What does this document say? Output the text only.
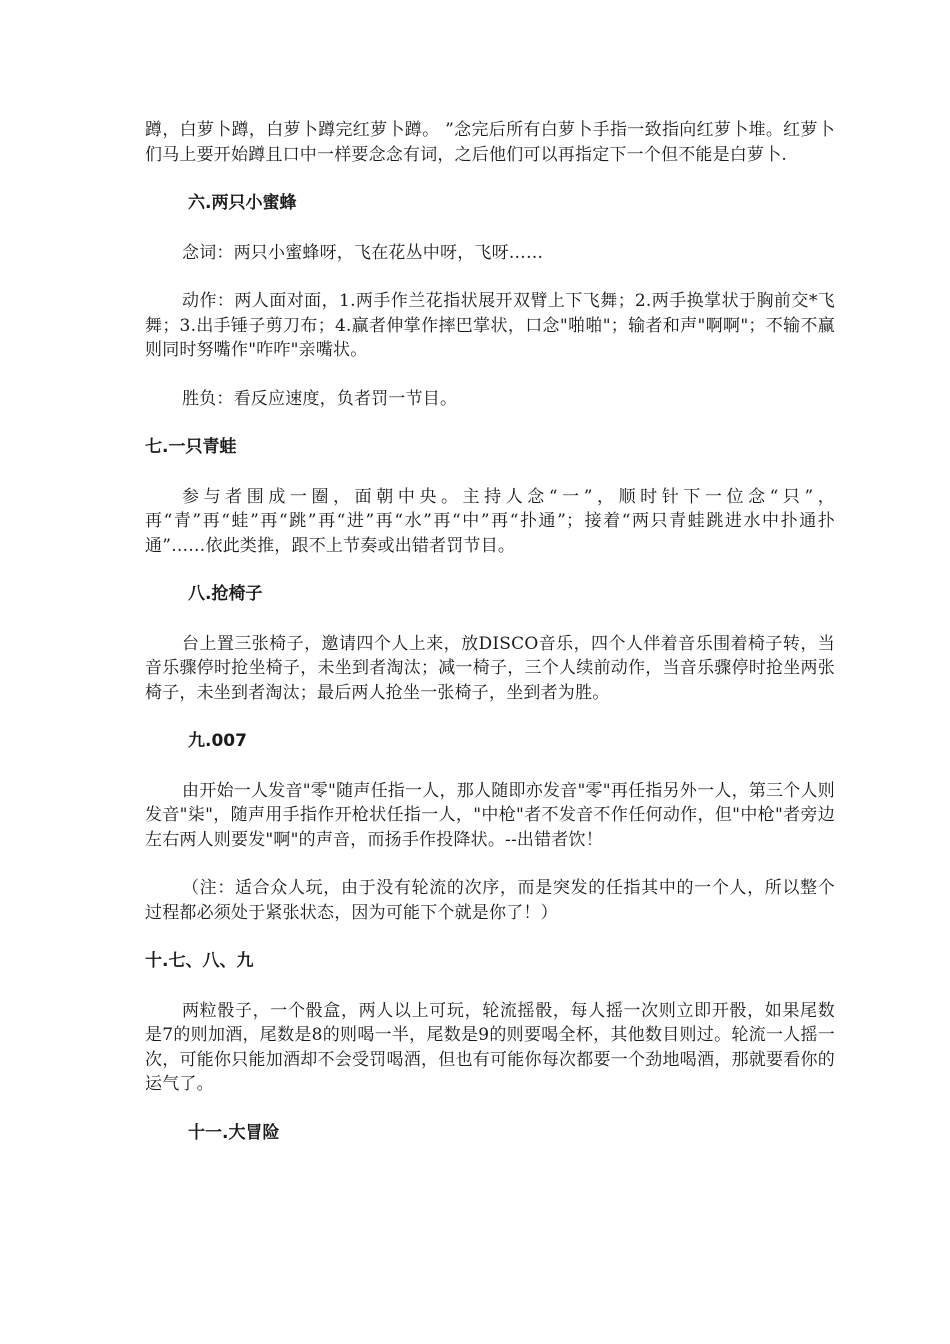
蹲，白萝卜蹲，白萝卜蹲完红萝卜蹲。 ”念完后所有白萝卜手指一致指向红萝卜堆。红萝卜们马上要开始蹲且口中一样要念念有词，之后他们可以再指定下一个但不能是白萝卜.

六.两只小蜜蜂

念词：两只小蜜蜂呀，飞在花丛中呀，飞呀……

动作：两人面对面，1.两手作兰花指状展开双臂上下飞舞；2.两手换掌状于胸前交*飞舞；3.出手锤子剪刀布；4.赢者伸掌作摔巴掌状，口念"啪啪"；输者和声"啊啊"；不输不赢则同时努嘴作"咋咋"亲嘴状。

胜负：看反应速度，负者罚一节目。

七.一只青蛙

参与者围成一圈，面朝中央。主持人念“一”，顺时针下一位念“只”，再“青”再“蛙”再“跳”再“进”再“水”再“中”再“扑通”；接着“两只青蛙跳进水中扑通扑通”……依此类推，跟不上节奏或出错者罚节目。

八.抢椅子

台上置三张椅子，邀请四个人上来，放DISCO音乐，四个人伴着音乐围着椅子转，当音乐骤停时抢坐椅子，未坐到者淘汰；减一椅子，三个人续前动作，当音乐骤停时抢坐两张椅子，未坐到者淘汰；最后两人抢坐一张椅子，坐到者为胜。

九.007

由开始一人发音"零"随声任指一人，那人随即亦发音"零"再任指另外一人，第三个人则发音"柒"，随声用手指作开枪状任指一人，"中枪"者不发音不作任何动作，但"中枪"者旁边左右两人则要发"啊"的声音，而扬手作投降状。--出错者饮！

（注：适合众人玩，由于没有轮流的次序，而是突发的任指其中的一个人，所以整个过程都必须处于紧张状态，因为可能下个就是你了！）

十.七、八、九

两粒骰子，一个骰盒，两人以上可玩，轮流摇骰，每人摇一次则立即开骰，如果尾数是7的则加酒，尾数是8的则喝一半，尾数是9的则要喝全杯，其他数目则过。轮流一人摇一次，可能你只能加酒却不会受罚喝酒，但也有可能你每次都要一个劲地喝酒，那就要看你的运气了。

十一.大冒险
